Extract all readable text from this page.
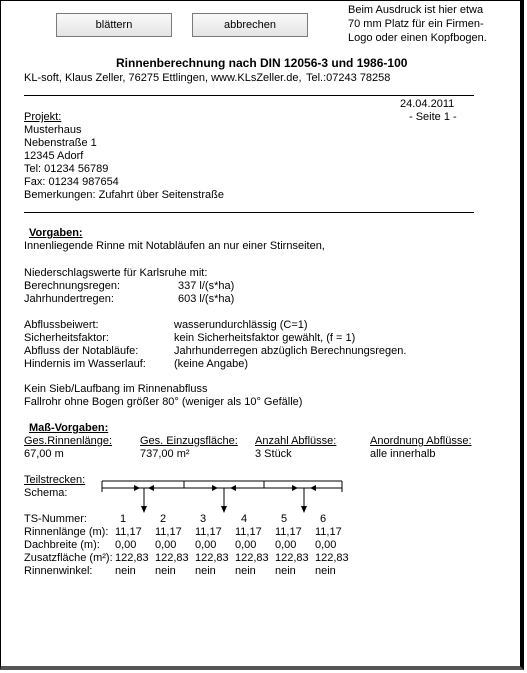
blättern	abbrechen
Beim Ausdruck ist hier etwa
70 mm Platz für ein Firmen-
Logo oder einen Kopfbogen.
Rinnenberechnung nach DIN 12056-3 und 1986-100
KL-soft, Klaus Zeller, 76275 Ettlingen, www.KLsZeller.de, Tel.:07243 78258
24.04.2011
- Seite 1 -
Projekt:
Musterhaus
Nebenstraße 1
12345 Adorf
Tel: 01234 56789
Fax: 01234 987654
Bemerkungen: Zufahrt über Seitenstraße
Vorgaben:
Innenliegende Rinne mit Notabläufen an nur einer Stirnseiten,
Niederschlagswerte für Karlsruhe mit:
Berechnungsregen:	337 l/(s*ha)
Jahrhundertregen:	603 l/(s*ha)
Abflussbeiwert:	wasserundurchlässig (C=1)
Sicherheitsfaktor:	kein Sicherheitsfaktor gewählt, (f = 1)
Abfluss der Notabläufe:	Jahrhunderregen abzüglich Berechnungsregen.
Hindernis im Wasserlauf:	(keine Angabe)
Kein Sieb/Laufbang im Rinnenabfluss
Fallrohr ohne Bogen größer 80° (weniger als 10° Gefälle)
Maß-Vorgaben:
Ges.Rinnenlänge:	Ges. Einzugsfläche: Anzahl Abflüsse:	Anordnung Abflüsse:
67,00 m	737,00 m²	3 Stück	alle innerhalb
Teilstrecken:
Schema:
TS-Nummer:	1	2	3	4	5	6
Rinnenlänge (m): 11,17 11,17 11,17 11,17 11,17 11,17
Dachbreite (m): 0,00 0,00 0,00 0,00 0,00 0,00
Zusatzfläche (m²): 122,83 122,83 122,83 122,83 122,83 122,83
Rinnenwinkel: nein nein nein nein nein nein
